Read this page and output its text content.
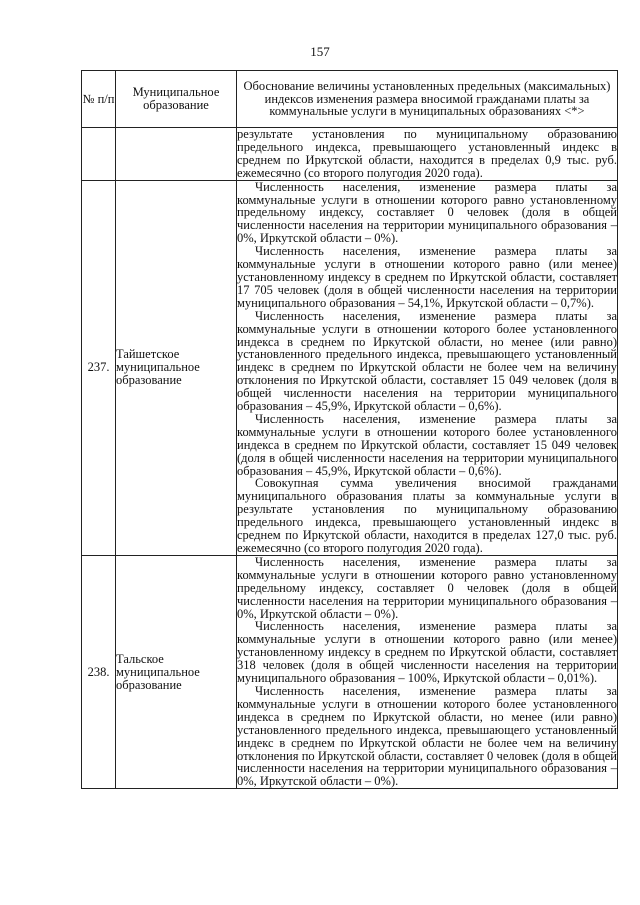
157
№ п/п	Муниципальное образование	Обоснование величины установленных предельных (максимальных) индексов изменения размера вносимой гражданами платы за коммунальные услуги в муниципальных образованиях <*>

		результате установления по муниципальному образованию предельного индекса, превышающего установленный индекс в среднем по Иркутской области, находится в пределах 0,9 тыс. руб. ежемесячно (со второго полугодия 2020 года).

237.	Тайшетское муниципальное образование	Численность населения, изменение размера платы за коммунальные услуги в отношении которого равно установленному предельному индексу, составляет 0 человек (доля в общей численности населения на территории муниципального образования – 0%, Иркутской области – 0%).

Численность населения, изменение размера платы за коммунальные услуги в отношении которого равно (или менее) установленному индексу в среднем по Иркутской области, составляет 17 705 человек (доля в общей численности населения на территории муниципального образования – 54,1%, Иркутской области – 0,7%).

Численность населения, изменение размера платы за коммунальные услуги в отношении которого более установленного индекса в среднем по Иркутской области, но менее (или равно) установленного предельного индекса, превышающего установленный индекс в среднем по Иркутской области не более чем на величину отклонения по Иркутской области, составляет 15 049 человек (доля в общей численности населения на территории муниципального образования – 45,9%, Иркутской области – 0,6%).

Численность населения, изменение размера платы за коммунальные услуги в отношении которого более установленного индекса в среднем по Иркутской области, составляет 15 049 человек (доля в общей численности населения на территории муниципального образования – 45,9%, Иркутской области – 0,6%).

Совокупная сумма увеличения вносимой гражданами муниципального образования платы за коммунальные услуги в результате установления по муниципальному образованию предельного индекса, превышающего установленный индекс в среднем по Иркутской области, находится в пределах 127,0 тыс. руб. ежемесячно (со второго полугодия 2020 года).

238.	Тальское муниципальное образование	Численность населения, изменение размера платы за коммунальные услуги в отношении которого равно установленному предельному индексу, составляет 0 человек (доля в общей численности населения на территории муниципального образования – 0%, Иркутской области – 0%).

Численность населения, изменение размера платы за коммунальные услуги в отношении которого равно (или менее) установленному индексу в среднем по Иркутской области, составляет 318 человек (доля в общей численности населения на территории муниципального образования – 100%, Иркутской области – 0,01%).

Численность населения, изменение размера платы за коммунальные услуги в отношении которого более установленного индекса в среднем по Иркутской области, но менее (или равно) установленного предельного индекса, превышающего установленный индекс в среднем по Иркутской области не более чем на величину отклонения по Иркутской области, составляет 0 человек (доля в общей численности населения на территории муниципального образования – 0%, Иркутской области – 0%).
